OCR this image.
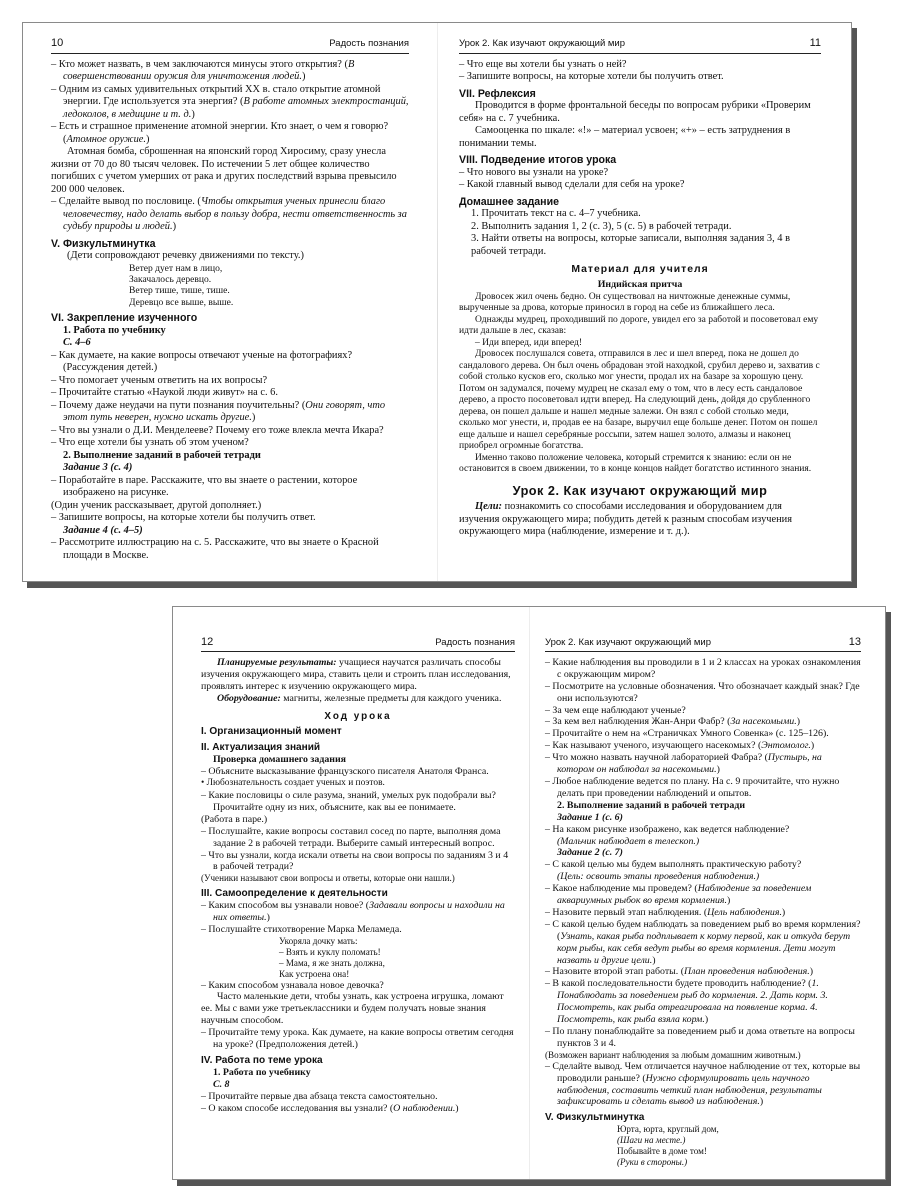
10	Радость познания

– Кто может назвать, в чем заключаются минусы этого открытия? (В совершенствовании оружия для уничтожения людей.)

– Одним из самых удивительных открытий XX в. стало открытие атомной энергии. Где используется эта энергия? (В работе атомных электростанций, ледоколов, в медицине и т. д.)

– Есть и страшное применение атомной энергии. Кто знает, о чем я говорю? (Атомное оружие.)

Атомная бомба, сброшенная на японский город Хиросиму, сразу унесла жизни от 70 до 80 тысяч человек. По истечении 5 лет общее количество погибших с учетом умерших от рака и других последствий взрыва превысило 200 000 человек.

– Сделайте вывод по пословице. (Чтобы открытия ученых принесли благо человечеству, надо делать выбор в пользу добра, нести ответственность за судьбу природы и людей.)

V. Физкультминутка

(Дети сопровождают речевку движениями по тексту.)

Ветер дует нам в лицо,

Закачалось деревцо.

Ветер тише, тише, тише.

Деревцо все выше, выше.

VI. Закрепление изученного

1. Работа по учебнику

С. 4–6

– Как думаете, на какие вопросы отвечают ученые на фотографиях? (Рассуждения детей.)

– Что помогает ученым ответить на их вопросы?

– Прочитайте статью «Наукой люди живут» на с. 6.

– Почему даже неудачи на пути познания поучительны? (Они говорят, что этот путь неверен, нужно искать другие.)

– Что вы узнали о Д.И. Менделееве? Почему его тоже влекла мечта Икара?

– Что еще хотели бы узнать об этом ученом?

2. Выполнение заданий в рабочей тетради

Задание 3 (с. 4)

– Поработайте в паре. Расскажите, что вы знаете о растении, которое изображено на рисунке.

(Один ученик рассказывает, другой дополняет.)

– Запишите вопросы, на которые хотели бы получить ответ.

Задание 4 (с. 4–5)

– Рассмотрите иллюстрацию на с. 5. Расскажите, что вы знаете о Красной площади в Москве.

Урок 2. Как изучают окружающий мир	11

– Что еще вы хотели бы узнать о ней?

– Запишите вопросы, на которые хотели бы получить ответ.

VII. Рефлексия

Проводится в форме фронтальной беседы по вопросам рубрики «Проверим себя» на с. 7 учебника.

Самооценка по шкале: «!» – материал усвоен; «+» – есть затруднения в понимании темы.

VIII. Подведение итогов урока

– Что нового вы узнали на уроке?

– Какой главный вывод сделали для себя на уроке?

Домашнее задание

1. Прочитать текст на с. 4–7 учебника.

2. Выполнить задания 1, 2 (с. 3), 5 (с. 5) в рабочей тетради.

3. Найти ответы на вопросы, которые записали, выполняя задания 3, 4 в рабочей тетради.

Материал для учителя

Индийская притча

Дровосек жил очень бедно. Он существовал на ничтожные денежные суммы, вырученные за дрова, которые приносил в город на себе из ближайшего леса.

Однажды мудрец, проходивший по дороге, увидел его за работой и посоветовал ему идти дальше в лес, сказав:

– Иди вперед, иди вперед!

Дровосек послушался совета, отправился в лес и шел вперед, пока не дошел до сандалового дерева. Он был очень обрадован этой находкой, срубил дерево и, захватив с собой столько кусков его, сколько мог унести, продал их на базаре за хорошую цену. Потом он задумался, почему мудрец не сказал ему о том, что в лесу есть сандаловое дерево, а просто посоветовал идти вперед. На следующий день, дойдя до срубленного дерева, он пошел дальше и нашел медные залежи. Он взял с собой столько меди, сколько мог унести, и, продав ее на базаре, выручил еще больше денег. Потом он пошел еще дальше и нашел серебряные россыпи, затем нашел золото, алмазы и наконец приобрел огромные богатства.

Именно таково положение человека, который стремится к знанию: если он не остановится в своем движении, то в конце концов найдет богатство истинного знания.

Урок 2. Как изучают окружающий мир

Цели: познакомить со способами исследования и оборудованием для изучения окружающего мира; побудить детей к разным способам изучения окружающего мира (наблюдение, измерение и т. д.).

12	Радость познания

Планируемые результаты: учащиеся научатся различать способы изучения окружающего мира, ставить цели и строить план исследования, проявлять интерес к изучению окружающего мира.

Оборудование: магниты, железные предметы для каждого ученика.

Ход урока

I. Организационный момент

II. Актуализация знаний

Проверка домашнего задания

– Объясните высказывание французского писателя Анатоля Франса.

• Любознательность создает ученых и поэтов.

– Какие пословицы о силе разума, знаний, умелых рук подобрали вы? Прочитайте одну из них, объясните, как вы ее понимаете.

(Работа в паре.)

– Послушайте, какие вопросы составил сосед по парте, выполняя дома задание 2 в рабочей тетради. Выберите самый интересный вопрос.

– Что вы узнали, когда искали ответы на свои вопросы по заданиям 3 и 4 в рабочей тетради?

(Ученики называют свои вопросы и ответы, которые они нашли.)

III. Самоопределение к деятельности

– Каким способом вы узнавали новое? (Задавали вопросы и находили на них ответы.)

– Послушайте стихотворение Марка Меламеда.

Укоряла дочку мать:

– Взять и куклу поломать!

– Мама, я же знать должна,

Как устроена она!

– Каким способом узнавала новое девочка?

Часто маленькие дети, чтобы узнать, как устроена игрушка, ломают ее. Мы с вами уже третьеклассники и будем получать новые знания научным способом.

– Прочитайте тему урока. Как думаете, на какие вопросы ответим сегодня на уроке? (Предположения детей.)

IV. Работа по теме урока

1. Работа по учебнику

С. 8

– Прочитайте первые два абзаца текста самостоятельно.

– О каком способе исследования вы узнали? (О наблюдении.)

Урок 2. Как изучают окружающий мир	13

– Какие наблюдения вы проводили в 1 и 2 классах на уроках ознакомления с окружающим миром?

– Посмотрите на условные обозначения. Что обозначает каждый знак? Где они используются?

– За чем еще наблюдают ученые?

– За кем вел наблюдения Жан-Анри Фабр? (За насекомыми.)

– Прочитайте о нем на «Страничках Умного Совенка» (с. 125–126).

– Как называют ученого, изучающего насекомых? (Энтомолог.)

– Что можно назвать научной лабораторией Фабра? (Пустырь, на котором он наблюдал за насекомыми.)

– Любое наблюдение ведется по плану. На с. 9 прочитайте, что нужно делать при проведении наблюдений и опытов.

2. Выполнение заданий в рабочей тетради

Задание 1 (с. 6)

– На каком рисунке изображено, как ведется наблюдение?

(Мальчик наблюдает в телескоп.)

Задание 2 (с. 7)

– С какой целью мы будем выполнять практическую работу?

(Цель: освоить этапы проведения наблюдения.)

– Какое наблюдение мы проведем? (Наблюдение за поведением аквариумных рыбок во время кормления.)

– Назовите первый этап наблюдения. (Цель наблюдения.)

– С какой целью будем наблюдать за поведением рыб во время кормления? (Узнать, какая рыба подплывает к корму первой, как и откуда берут корм рыбы, как себя ведут рыбы во время кормления. Дети могут назвать и другие цели.)

– Назовите второй этап работы. (План проведения наблюдения.)

– В какой последовательности будете проводить наблюдение? (1. Понаблюдать за поведением рыб до кормления. 2. Дать корм. 3. Посмотреть, как рыба отреагировала на появление корма. 4. Посмотреть, как рыба взяла корм.)

– По плану понаблюдайте за поведением рыб и дома ответьте на вопросы пунктов 3 и 4.

(Возможен вариант наблюдения за любым домашним животным.)

– Сделайте вывод. Чем отличается научное наблюдение от тех, которые вы проводили раньше? (Нужно сформулировать цель научного наблюдения, составить четкий план наблюдения, результаты зафиксировать и сделать вывод из наблюдения.)

V. Физкультминутка

Юрта, юрта, круглый дом,

(Шаги на месте.)

Побывайте в доме том!

(Руки в стороны.)
